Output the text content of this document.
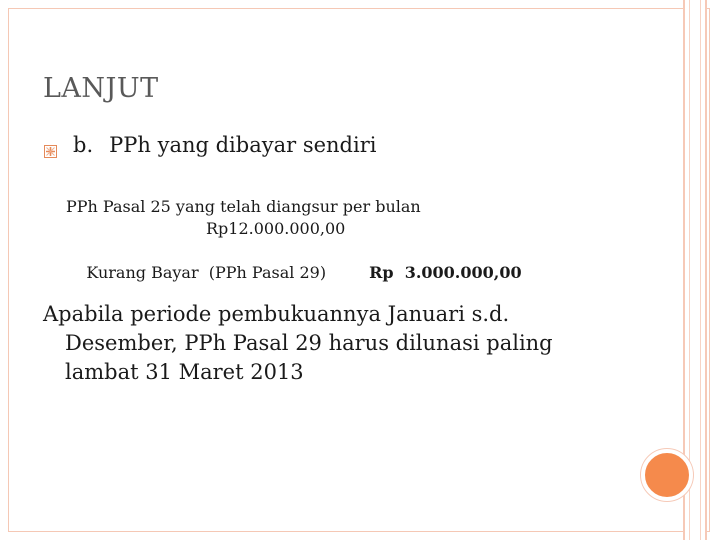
LANJUT
b. PPh yang dibayar sendiri
PPh Pasal 25 yang telah diangsur per bulan
Rp12.000.000,00

Kurang Bayar  (PPh Pasal 29)	Rp  3.000.000,00

Apabila periode pembukuannya Januari s.d.
Desember, PPh Pasal 29 harus dilunasi paling
lambat 31 Maret 2013
